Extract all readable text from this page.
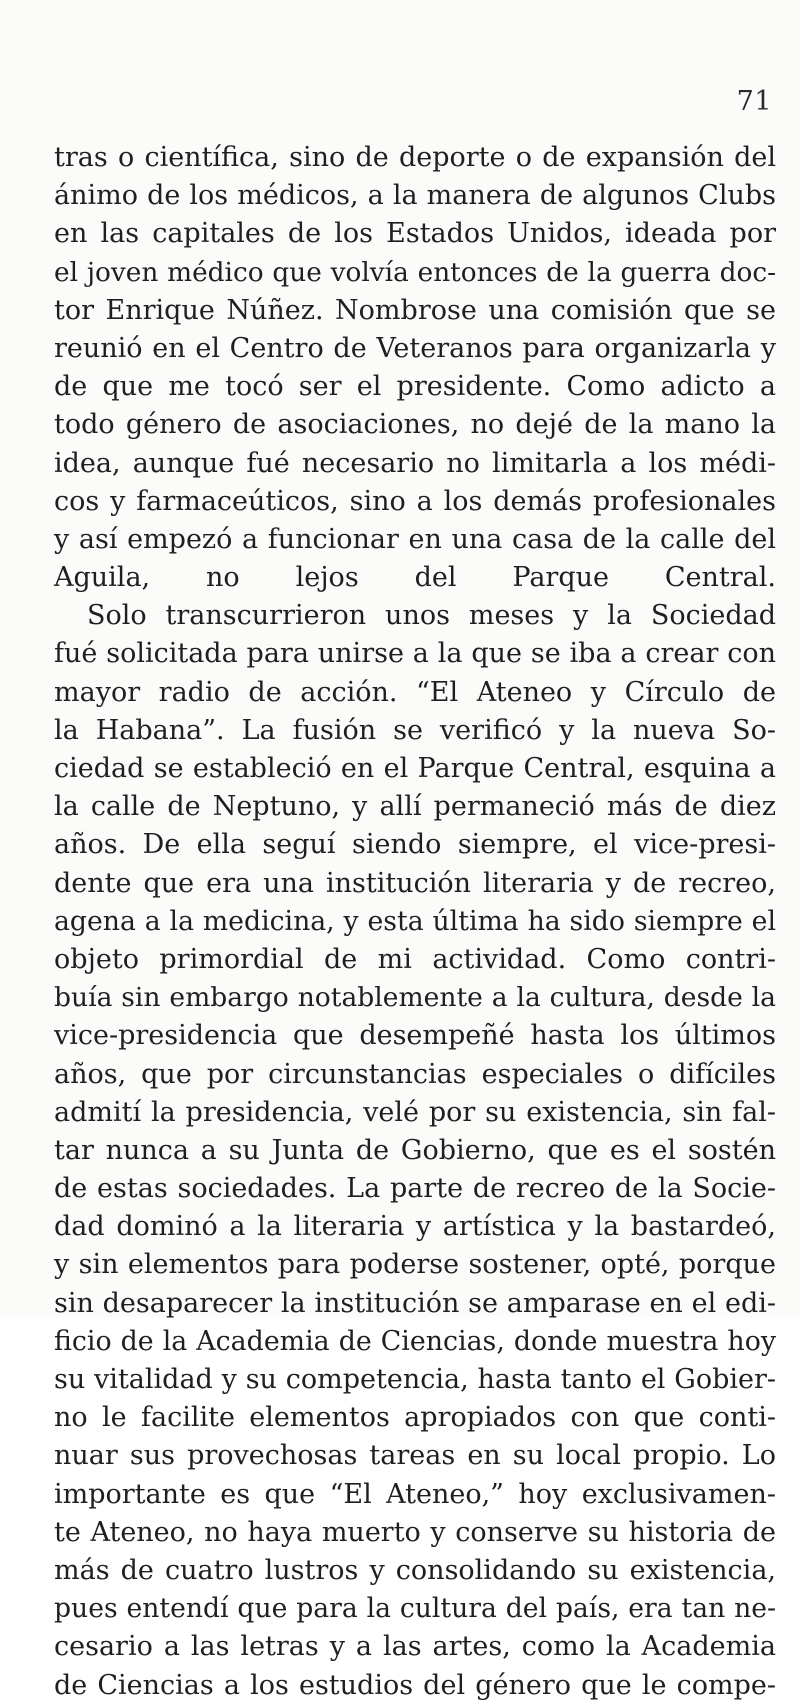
71
tras o científica, sino de deporte o de expansión del
ánimo de los médicos, a la manera de algunos Clubs
en las capitales de los Estados Unidos, ideada por
el joven médico que volvía entonces de la guerra doc-
tor Enrique Núñez. Nombrose una comisión que se
reunió en el Centro de Veteranos para organizarla y
de que me tocó ser el presidente. Como adicto a
todo género de asociaciones, no dejé de la mano la
idea, aunque fué necesario no limitarla a los médi-
cos y farmaceúticos, sino a los demás profesionales
y así empezó a funcionar en una casa de la calle del
Aguila, no lejos del Parque Central.
Solo transcurrieron unos meses y la Sociedad
fué solicitada para unirse a la que se iba a crear con
mayor radio de acción. “El Ateneo y Círculo de
la Habana”. La fusión se verificó y la nueva So-
ciedad se estableció en el Parque Central, esquina a
la calle de Neptuno, y allí permaneció más de diez
años. De ella seguí siendo siempre, el vice-presi-
dente que era una institución literaria y de recreo,
agena a la medicina, y esta última ha sido siempre el
objeto primordial de mi actividad. Como contri-
buía sin embargo notablemente a la cultura, desde la
vice-presidencia que desempeñé hasta los últimos
años, que por circunstancias especiales o difíciles
admití la presidencia, velé por su existencia, sin fal-
tar nunca a su Junta de Gobierno, que es el sostén
de estas sociedades. La parte de recreo de la Socie-
dad dominó a la literaria y artística y la bastardeó,
y sin elementos para poderse sostener, opté, porque
sin desaparecer la institución se amparase en el edi-
ficio de la Academia de Ciencias, donde muestra hoy
su vitalidad y su competencia, hasta tanto el Gobier-
no le facilite elementos apropiados con que conti-
nuar sus provechosas tareas en su local propio. Lo
importante es que “El Ateneo,” hoy exclusivamen-
te Ateneo, no haya muerto y conserve su historia de
más de cuatro lustros y consolidando su existencia,
pues entendí que para la cultura del país, era tan ne-
cesario a las letras y a las artes, como la Academia
de Ciencias a los estudios del género que le compe-
